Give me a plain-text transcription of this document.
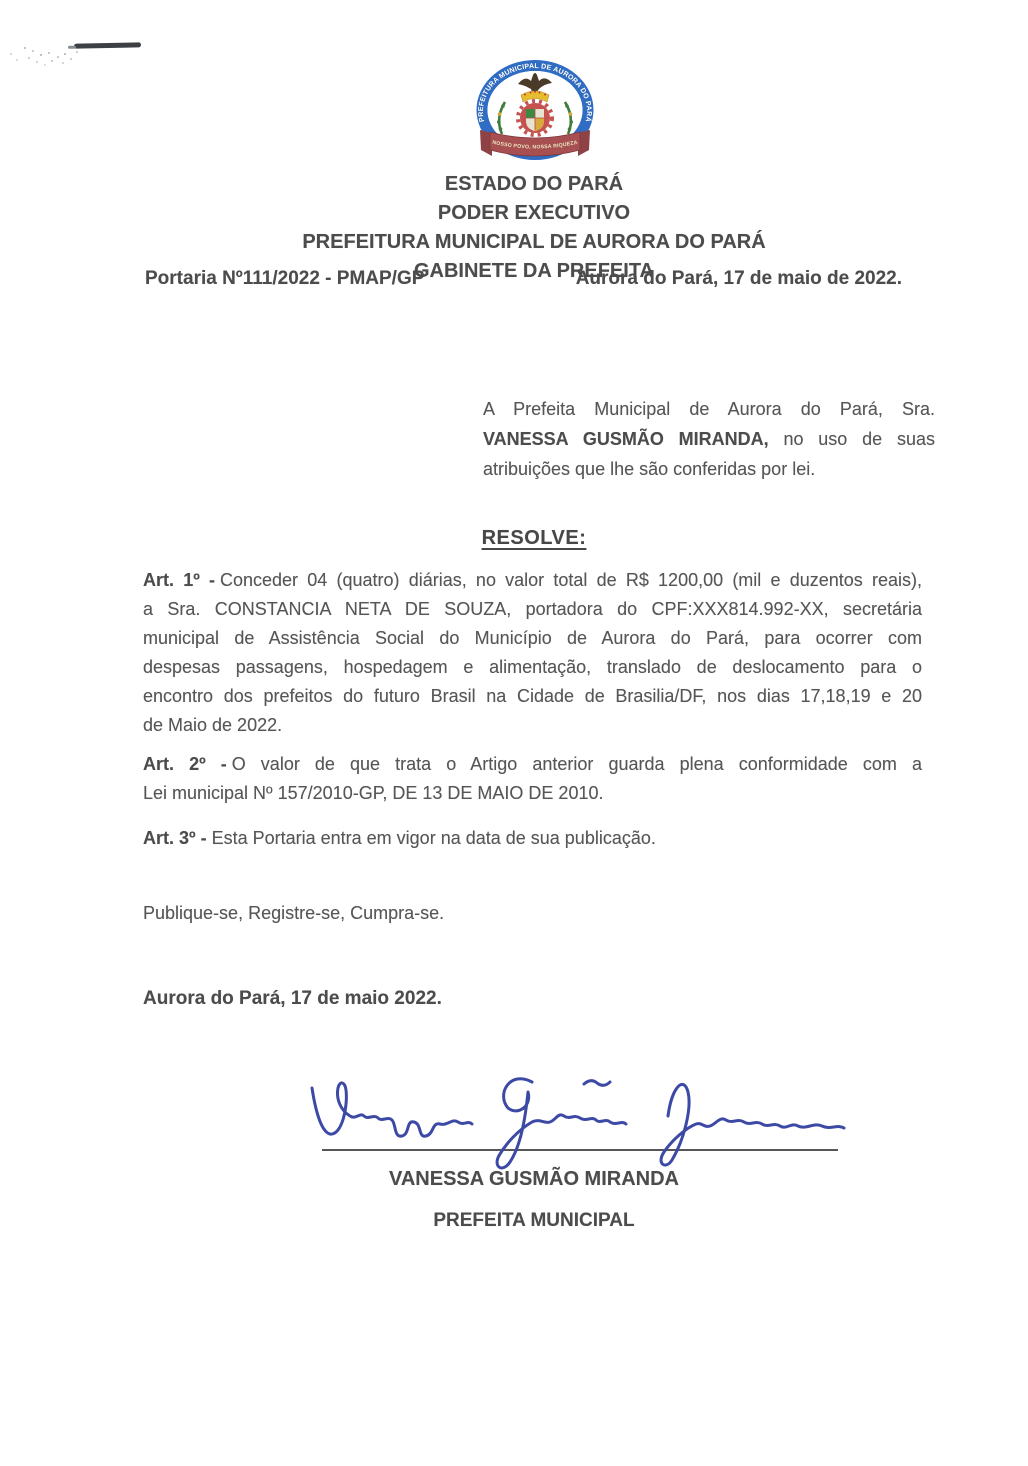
PREFEITURA MUNICIPAL DE AURORA DO PARÁ
NOSSO POVO, NOSSA RIQUEZA
ESTADO DO PARÁ
PODER EXECUTIVO
PREFEITURA MUNICIPAL DE AURORA DO PARÁ
GABINETE DA PREFEITA
Portaria Nº111/2022 - PMAP/GP	Aurora do Pará, 17 de maio de 2022.
A Prefeita Municipal de Aurora do Pará, Sra.
VANESSA GUSMÃO MIRANDA, no uso de suas
atribuições que lhe são conferidas por lei.
RESOLVE:
Art. 1º - Conceder 04 (quatro) diárias, no valor total de R$ 1200,00 (mil e duzentos reais),
a Sra. CONSTANCIA NETA DE SOUZA, portadora do CPF:XXX814.992-XX, secretária
municipal de Assistência Social do Município de Aurora do Pará, para ocorrer com
despesas passagens, hospedagem e alimentação, translado de deslocamento para o
encontro dos prefeitos do futuro Brasil na Cidade de Brasilia/DF, nos dias 17,18,19 e 20
de Maio de 2022.
Art. 2º - O valor de que trata o Artigo anterior guarda plena conformidade com a
Lei municipal Nº 157/2010-GP, DE 13 DE MAIO DE 2010.
Art. 3º - Esta Portaria entra em vigor na data de sua publicação.
Publique-se, Registre-se, Cumpra-se.
Aurora do Pará, 17 de maio 2022.
VANESSA GUSMÃO MIRANDA
PREFEITA MUNICIPAL
